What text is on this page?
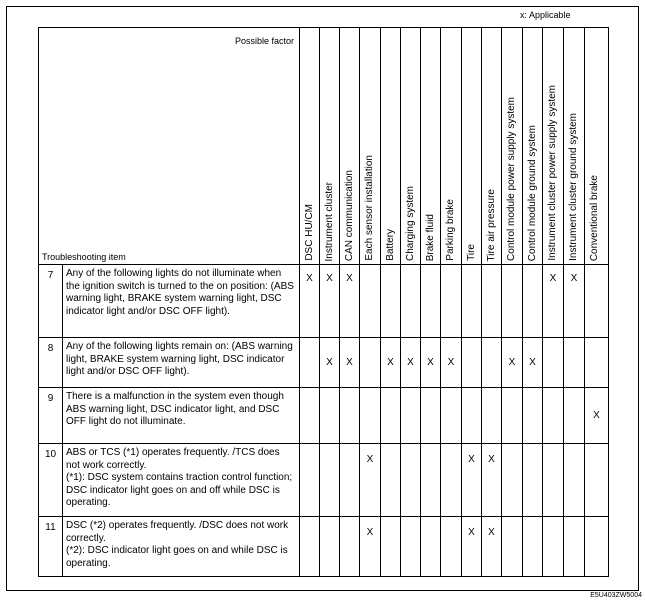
x: Applicable
Possible factor
Troubleshooting item		DSC HU/CM	Instrument cluster	CAN communication	Each sensor installation	Battery	Charging system	Brake fluid	Parking brake	Tire	Tire air pressure	Control module power supply system	Control module ground system	Instrument cluster power supply system	Instrument cluster ground system	Conventional brake

7	Any of the following lights do not illuminate when the ignition switch is turned to the on position: (ABS warning light, BRAKE system warning light, DSC indicator light and/or DSC OFF light).	X	X	X										X	X	
8	Any of the following lights remain on: (ABS warning light, BRAKE system warning light, DSC indicator light and/or DSC OFF light).		X	X		X	X	X	X			X	X			
9	There is a malfunction in the system even though ABS warning light, DSC indicator light, and DSC OFF light do not illuminate.															X
10	ABS or TCS (*1) operates frequently. /TCS does not work correctly.
(*1): DSC system contains traction control function; DSC indicator light goes on and off while DSC is operating.				X					X	X					
11	DSC (*2) operates frequently. /DSC does not work correctly.
(*2): DSC indicator light goes on and while DSC is operating.				X					X	X					
E5U403ZW5004
